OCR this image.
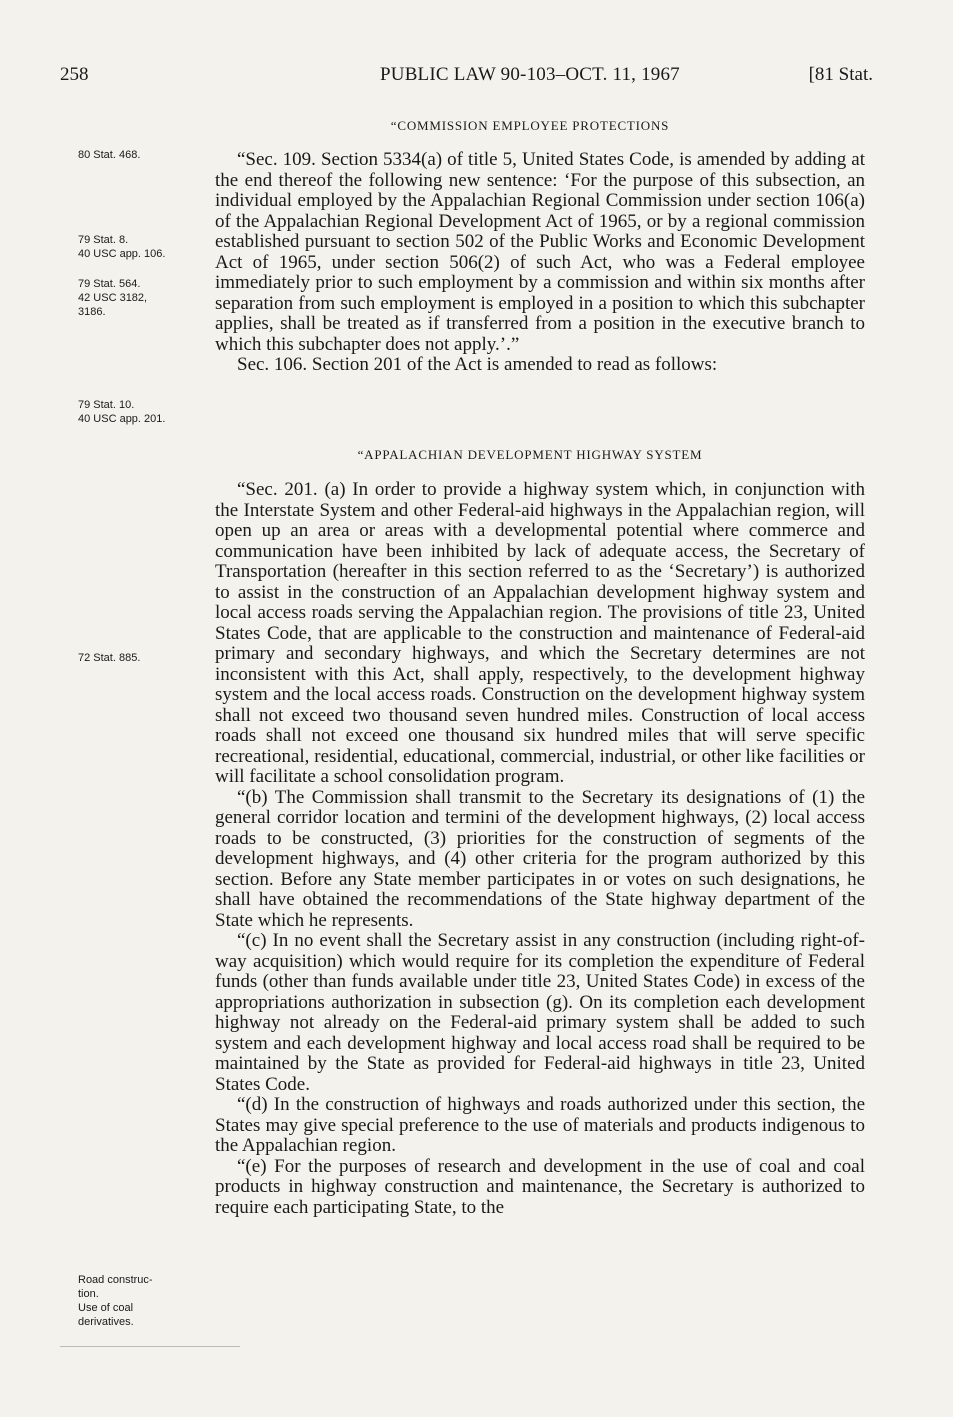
258	PUBLIC LAW 90-103–OCT. 11, 1967	[81 Stat.
“COMMISSION EMPLOYEE PROTECTIONS
80 Stat. 468.
79 Stat. 8.
40 USC app. 106.
79 Stat. 564.
42 USC 3182,
3186.
79 Stat. 10.
40 USC app. 201.
72 Stat. 885.
Road construc-
tion.
Use of coal
derivatives.

“Sec. 109. Section 5334(a) of title 5, United States Code, is amended by adding at the end thereof the following new sentence: ‘For the purpose of this subsection, an individual employed by the Appalachian Regional Commission under section 106(a) of the Appalachian Regional Development Act of 1965, or by a regional commission established pursuant to section 502 of the Public Works and Economic Development Act of 1965, under section 506(2) of such Act, who was a Federal employee immediately prior to such employment by a commission and within six months after separation from such employment is employed in a position to which this subchapter applies, shall be treated as if transferred from a position in the executive branch to which this subchapter does not apply.’.”

Sec. 106. Section 201 of the Act is amended to read as follows:

“APPALACHIAN DEVELOPMENT HIGHWAY SYSTEM

“Sec. 201. (a) In order to provide a highway system which, in conjunction with the Interstate System and other Federal-aid highways in the Appalachian region, will open up an area or areas with a developmental potential where commerce and communication have been inhibited by lack of adequate access, the Secretary of Transportation (hereafter in this section referred to as the ‘Secretary’) is authorized to assist in the construction of an Appalachian development highway system and local access roads serving the Appalachian region. The provisions of title 23, United States Code, that are applicable to the construction and maintenance of Federal-aid primary and secondary highways, and which the Secretary determines are not inconsistent with this Act, shall apply, respectively, to the development highway system and the local access roads. Construction on the development highway system shall not exceed two thousand seven hundred miles. Construction of local access roads shall not exceed one thousand six hundred miles that will serve specific recreational, residential, educational, commercial, industrial, or other like facilities or will facilitate a school consolidation program.

“(b) The Commission shall transmit to the Secretary its designations of (1) the general corridor location and termini of the development highways, (2) local access roads to be constructed, (3) priorities for the construction of segments of the development highways, and (4) other criteria for the program authorized by this section. Before any State member participates in or votes on such designations, he shall have obtained the recommendations of the State highway department of the State which he represents.

“(c) In no event shall the Secretary assist in any construction (including right-of-way acquisition) which would require for its completion the expenditure of Federal funds (other than funds available under title 23, United States Code) in excess of the appropriations authorization in subsection (g). On its completion each development highway not already on the Federal-aid primary system shall be added to such system and each development highway and local access road shall be required to be maintained by the State as provided for Federal-aid highways in title 23, United States Code.

“(d) In the construction of highways and roads authorized under this section, the States may give special preference to the use of materials and products indigenous to the Appalachian region.

“(e) For the purposes of research and development in the use of coal and coal products in highway construction and maintenance, the Secretary is authorized to require each participating State, to the
